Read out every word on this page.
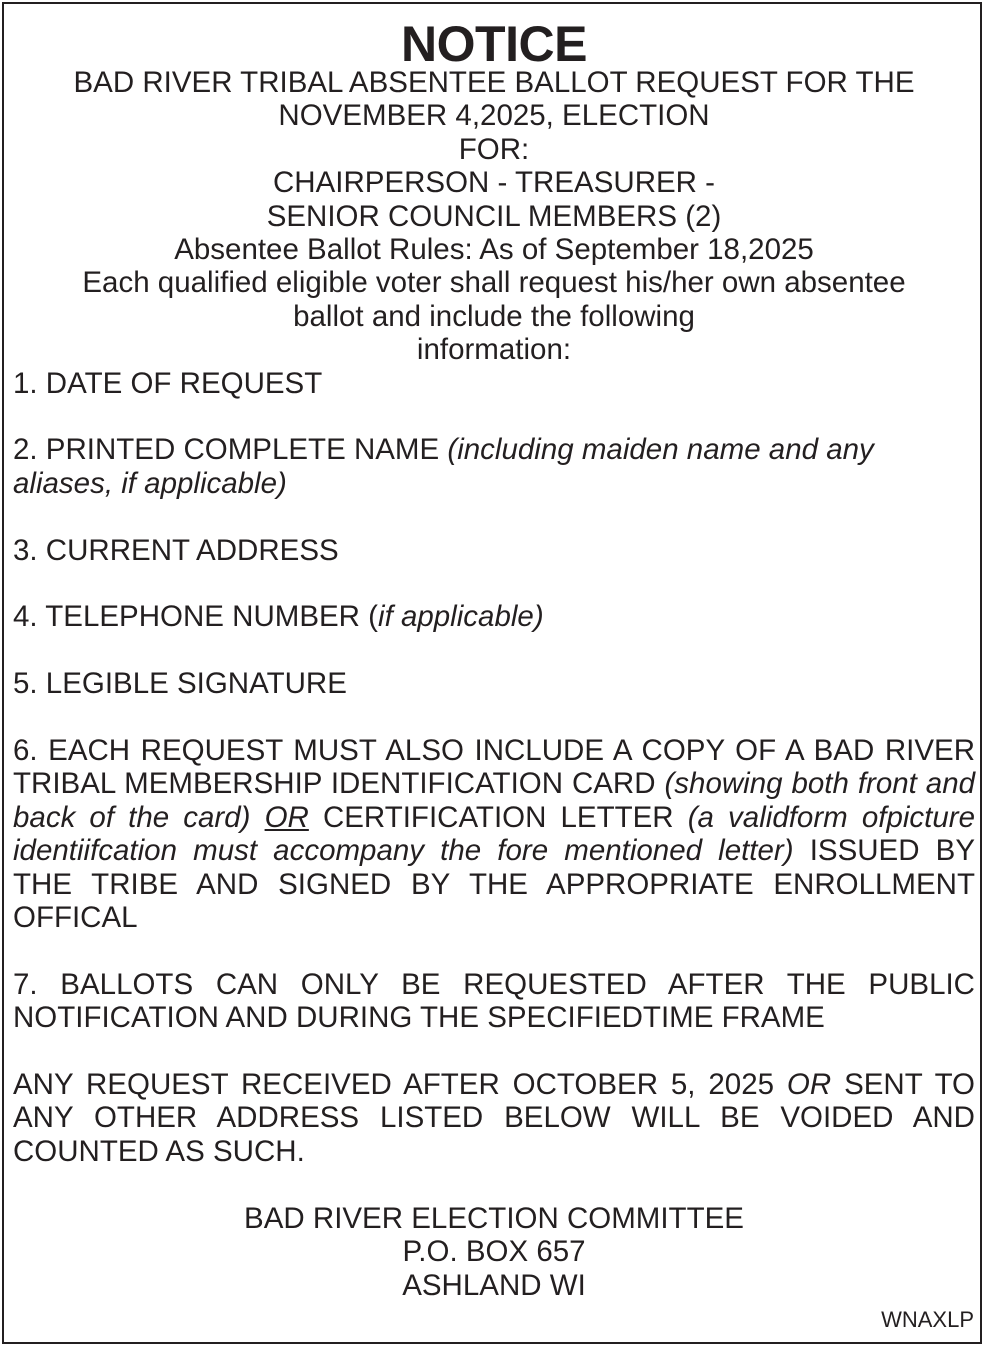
NOTICE
BAD RIVER TRIBAL ABSENTEE BALLOT REQUEST FOR THE
NOVEMBER 4,2025, ELECTION
FOR:
CHAIRPERSON - TREASURER -
SENIOR COUNCIL MEMBERS (2)
Absentee Ballot Rules: As of September 18,2025
Each qualified eligible voter shall request his/her own absentee
ballot and include the following
information:
1. DATE OF REQUEST
2. PRINTED COMPLETE NAME (including maiden name and any aliases, if applicable)
3. CURRENT ADDRESS
4. TELEPHONE NUMBER (if applicable)
5. LEGIBLE SIGNATURE
6. EACH REQUEST MUST ALSO INCLUDE A COPY OF A BAD RIVER TRIBAL MEMBERSHIP IDENTIFICATION CARD (showing both front and back of the card) OR CERTIFICATION LETTER (a validform ofpicture identiifcation must accompany the fore mentioned letter) ISSUED BY THE TRIBE AND SIGNED BY THE APPROPRIATE ENROLLMENT OFFICAL
7. BALLOTS CAN ONLY BE REQUESTED AFTER THE PUBLIC NOTIFICATION AND DURING THE SPECIFIEDTIME FRAME
ANY REQUEST RECEIVED AFTER OCTOBER 5, 2025 OR SENT TO ANY OTHER ADDRESS LISTED BELOW WILL BE VOIDED AND COUNTED AS SUCH.
BAD RIVER ELECTION COMMITTEE
P.O. BOX 657
ASHLAND WI
WNAXLP
